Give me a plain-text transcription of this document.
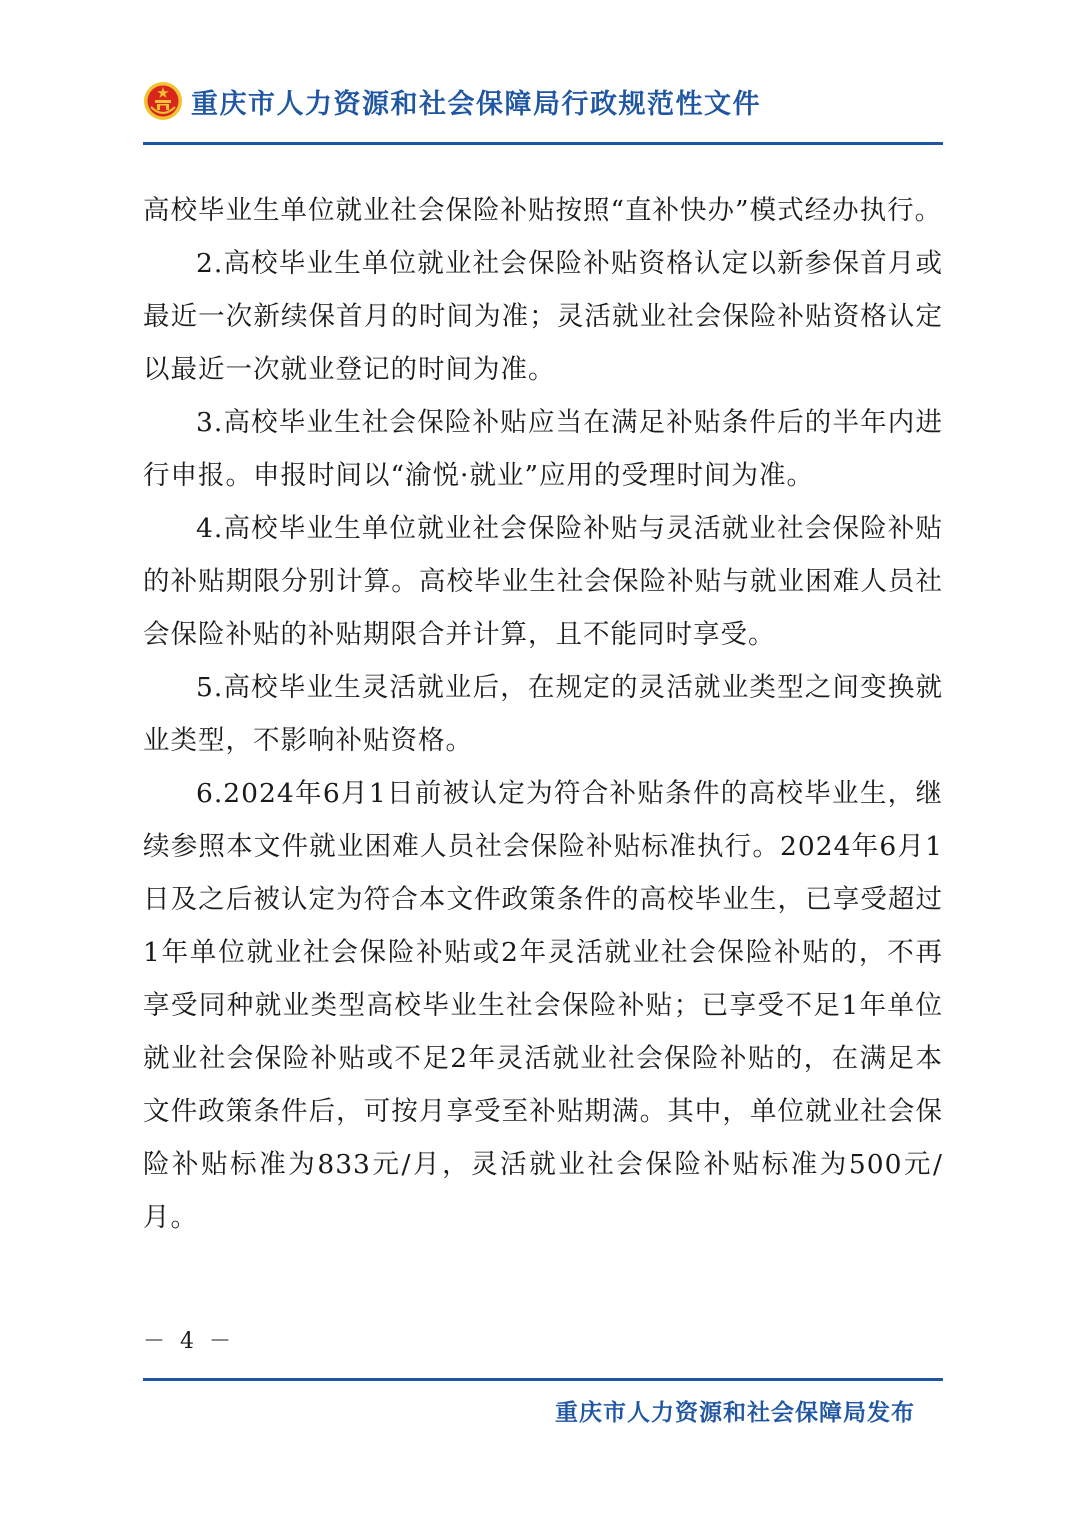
重庆市人力资源和社会保障局行政规范性文件

高校毕业生单位就业社会保险补贴按照“直补快办”模式经办执行。

2.高校毕业生单位就业社会保险补贴资格认定以新参保首月或最近一次新续保首月的时间为准；灵活就业社会保险补贴资格认定以最近一次就业登记的时间为准。

3.高校毕业生社会保险补贴应当在满足补贴条件后的半年内进行申报。申报时间以“渝悦·就业”应用的受理时间为准。

4.高校毕业生单位就业社会保险补贴与灵活就业社会保险补贴的补贴期限分别计算。高校毕业生社会保险补贴与就业困难人员社会保险补贴的补贴期限合并计算，且不能同时享受。

5.高校毕业生灵活就业后，在规定的灵活就业类型之间变换就业类型，不影响补贴资格。

6.2024年6月1日前被认定为符合补贴条件的高校毕业生，继续参照本文件就业困难人员社会保险补贴标准执行。2024年6月1日及之后被认定为符合本文件政策条件的高校毕业生，已享受超过1年单位就业社会保险补贴或2年灵活就业社会保险补贴的，不再享受同种就业类型高校毕业生社会保险补贴；已享受不足1年单位就业社会保险补贴或不足2年灵活就业社会保险补贴的，在满足本文件政策条件后，可按月享受至补贴期满。其中，单位就业社会保险补贴标准为833元/月，灵活就业社会保险补贴标准为500元/月。

－ 4 －
重庆市人力资源和社会保障局发布
